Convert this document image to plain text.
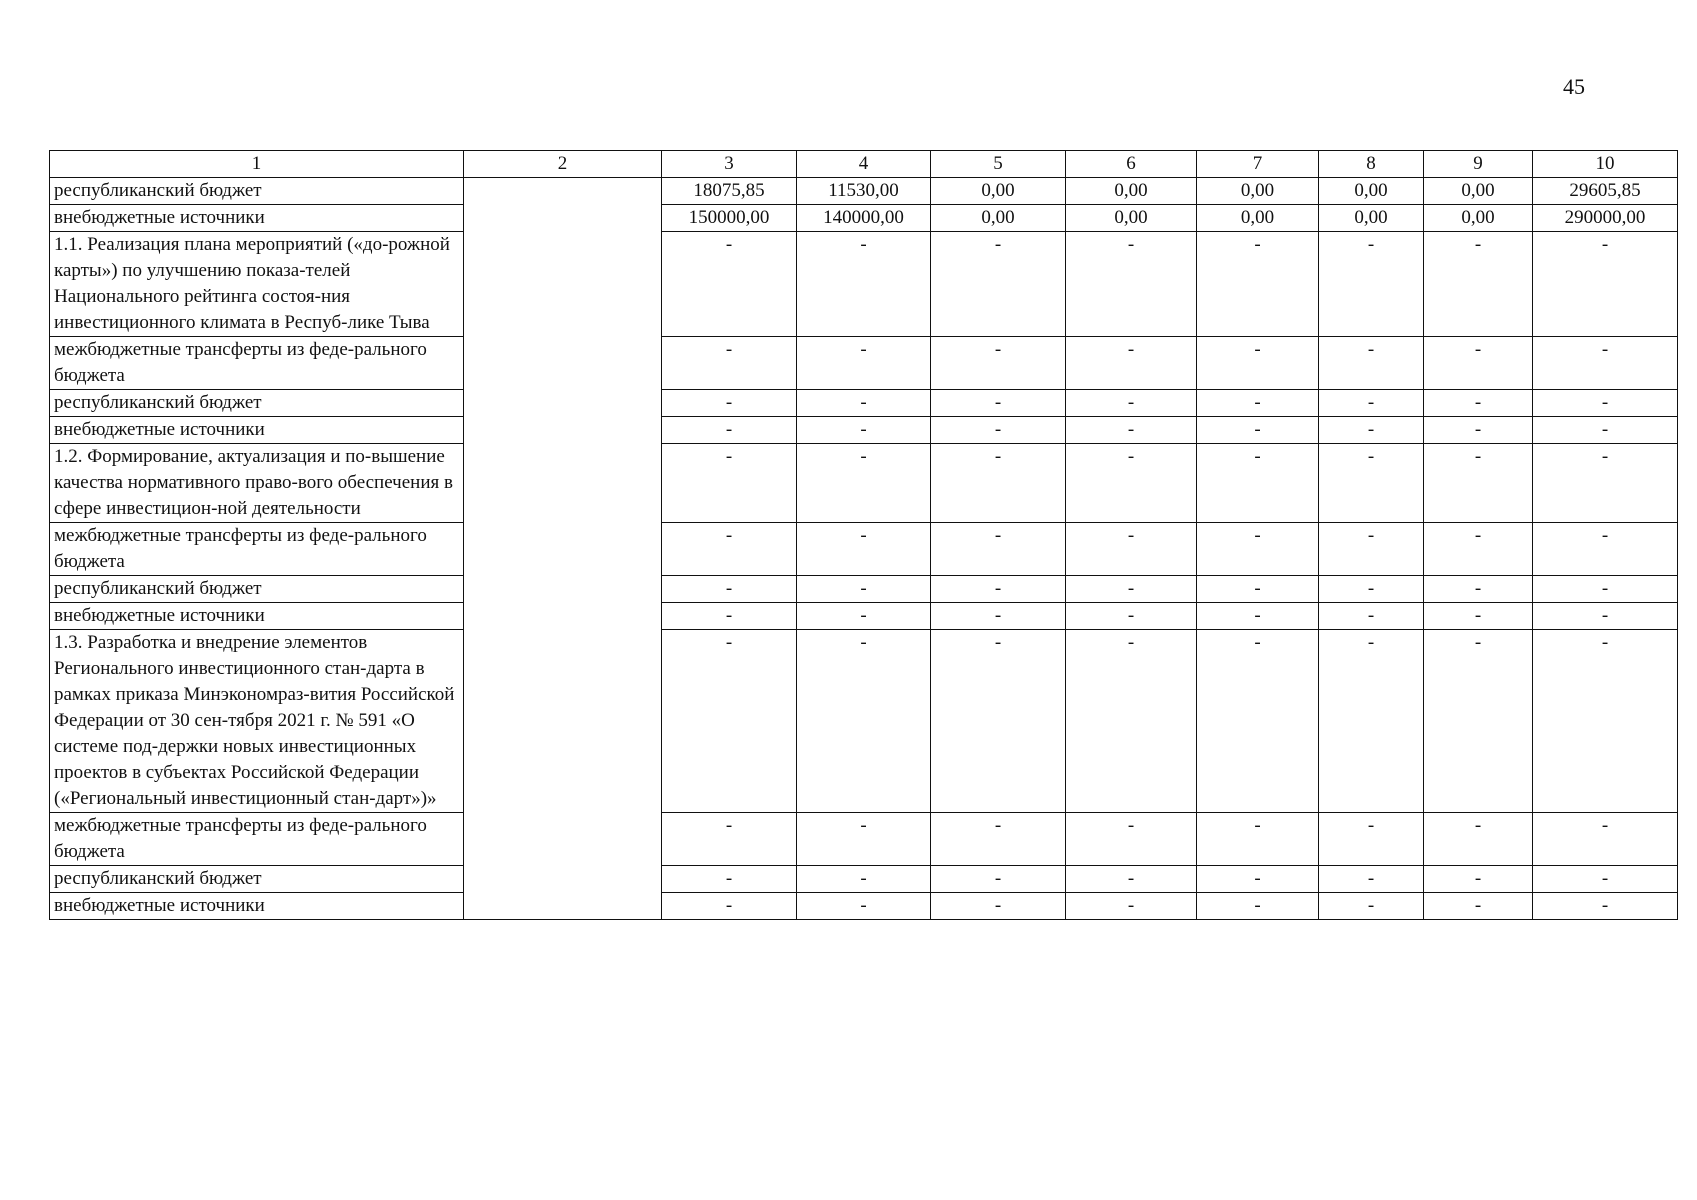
45
1	2	3	4	5	6	7	8	9	10
республиканский бюджет		18075,85	11530,00	0,00	0,00	0,00	0,00	0,00	29605,85
внебюджетные источники		150000,00	140000,00	0,00	0,00	0,00	0,00	0,00	290000,00
1.1. Реализация плана мероприятий («до-рожной карты») по улучшению показа-телей Национального рейтинга состоя-ния инвестиционного климата в Респуб-лике Тыва		-	-	-	-	-	-	-	-
межбюджетные трансферты из феде-рального бюджета		-	-	-	-	-	-	-	-
республиканский бюджет		-	-	-	-	-	-	-	-
внебюджетные источники		-	-	-	-	-	-	-	-
1.2. Формирование, актуализация и по-вышение качества нормативного право-вого обеспечения в сфере инвестицион-ной деятельности		-	-	-	-	-	-	-	-
межбюджетные трансферты из феде-рального бюджета		-	-	-	-	-	-	-	-
республиканский бюджет		-	-	-	-	-	-	-	-
внебюджетные источники		-	-	-	-	-	-	-	-
1.3. Разработка и внедрение элементов Регионального инвестиционного стан-дарта в рамках приказа Минэкономраз-вития Российской Федерации от 30 сен-тября 2021 г. № 591 «О системе под-держки новых инвестиционных проектов в субъектах Российской Федерации («Региональный инвестиционный стан-дарт»)»		-	-	-	-	-	-	-	-
межбюджетные трансферты из феде-рального бюджета		-	-	-	-	-	-	-	-
республиканский бюджет		-	-	-	-	-	-	-	-
внебюджетные источники		-	-	-	-	-	-	-	-
